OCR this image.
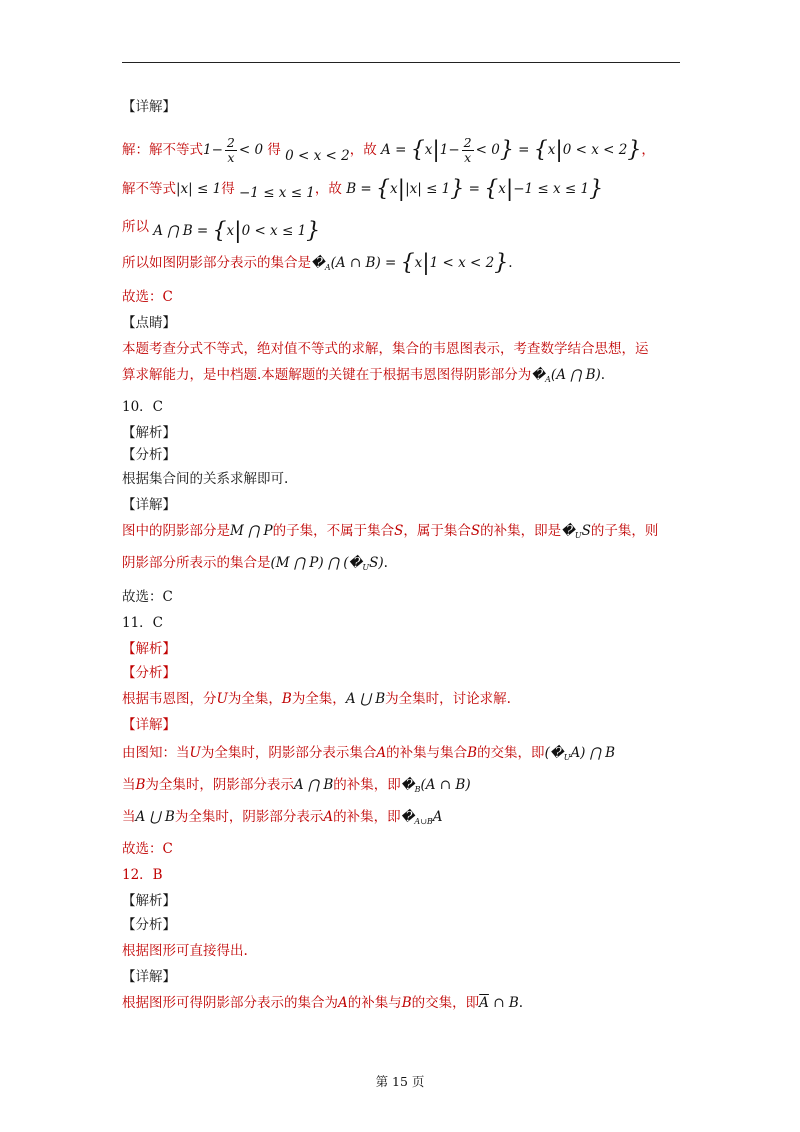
【详解】
解：解不等式$1- \frac{2}{x} < 0$ 得 0 < x < 2，故 $A = \{x|1- \frac{2}{x} < 0\} = \{x|0 < x < 2\}$，
解不等式|x| ≤ 1得 −1 ≤ x ≤ 1，故 B = {x||x| ≤ 1} = {x|−1 ≤ x ≤ 1}
所以 A ⋂ B = {x|0 < x ≤ 1}
所以如图阴影部分表示的集合是$�_A(A$ ∩ B) = {x|1 < x < 2}.
故选：C
【点睛】
本题考查分式不等式，绝对值不等式的求解，集合的韦恩图表示，考查数学结合思想，运
算求解能力，是中档题.本题解题的关键在于根据韦恩图得阴影部分为$�_A(A$ ⋂ B).
10．C
【解析】
【分析】
根据集合间的关系求解即可.
【详解】
图中的阴影部分是M ⋂ P的子集，不属于集合S，属于集合S的补集，即是$�_US$的子集，则
阴影部分所表示的集合是(M ⋂ P) ⋂ $(�_US)$.
故选：C
11．C
【解析】
【分析】
根据韦恩图，分U为全集，B为全集，A ⋃ B为全集时，讨论求解.
【详解】
由图知：当U为全集时，阴影部分表示集合A的补集与集合B的交集，即$(�_UA)$ ⋂ B
当B为全集时，阴影部分表示A ⋂ B的补集，即$�_B(A$ ∩ B)
当A ⋃ B为全集时，阴影部分表示A的补集，即$�_{A\cup B}A$
故选：C
12．B
【解析】
【分析】
根据图形可直接得出.
【详解】
根据图形可得阴影部分表示的集合为A的补集与B的交集，即$\overline{A}$ ∩ B.
第 15 页
